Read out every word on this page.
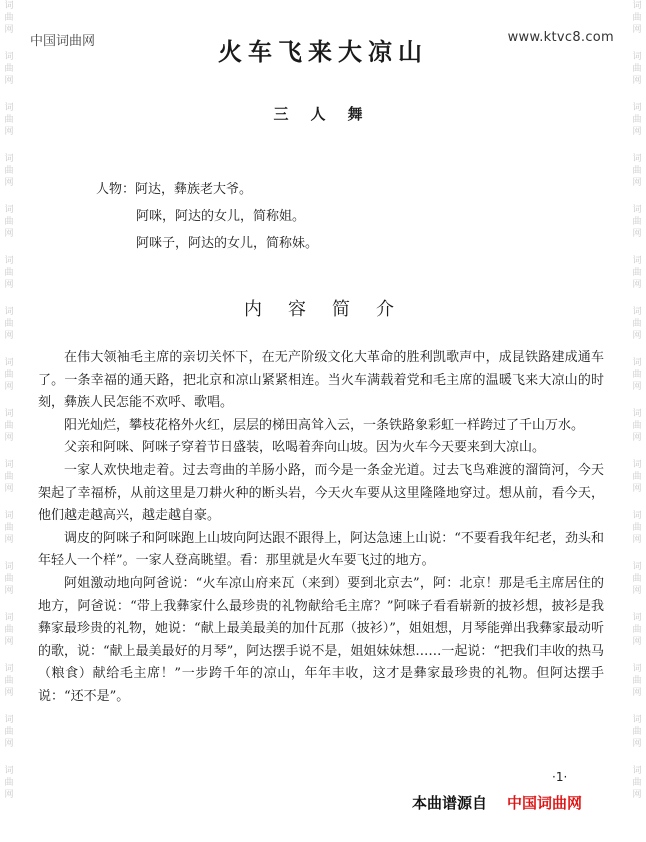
词
曲
网
词
曲
网
词
曲
网
词
曲
网
词
曲
网
词
曲
网
词
曲
网
词
曲
网
词
曲
网
词
曲
网
词
曲
网
词
曲
网
词
曲
网
词
曲
网
词
曲
网
词
曲
网
词
曲
网
词
曲
网
词
曲
网
词
曲
网
词
曲
网
词
曲
网
词
曲
网
词
曲
网
词
曲
网
词
曲
网
词
曲
网
词
曲
网
词
曲
网
词
曲
网
词
曲
网
词
曲
网
中国词曲网	www.ktvc8.com
火车飞来大凉山
三人舞
人物：阿达，彝族老大爷。
阿咪，阿达的女儿，简称姐。
阿咪子，阿达的女儿，简称妹。
内容简介

在伟大领袖毛主席的亲切关怀下，在无产阶级文化大革命的胜利凯歌声中，成昆铁路建成通车了。一条幸福的通天路，把北京和凉山紧紧相连。当火车满载着党和毛主席的温暖飞来大凉山的时刻，彝族人民怎能不欢呼、歌唱。

阳光灿烂，攀枝花格外火红，层层的梯田高耸入云，一条铁路象彩虹一样跨过了千山万水。

父亲和阿咪、阿咪子穿着节日盛装，吆喝着奔向山坡。因为火车今天要来到大凉山。

一家人欢快地走着。过去弯曲的羊肠小路，而今是一条金光道。过去飞鸟难渡的溜筒河，今天架起了幸福桥，从前这里是刀耕火种的断头岩，今天火车要从这里隆隆地穿过。想从前，看今天，他们越走越高兴，越走越自豪。

调皮的阿咪子和阿咪跑上山坡向阿达跟不跟得上，阿达急速上山说：“不要看我年纪老，劲头和年轻人一个样”。一家人登高眺望。看：那里就是火车要飞过的地方。

阿姐激动地向阿爸说：“火车凉山府来瓦（来到）要到北京去”，阿：北京！那是毛主席居住的地方，阿爸说：“带上我彝家什么最珍贵的礼物献给毛主席？”阿咪子看看崭新的披衫想，披衫是我彝家最珍贵的礼物，她说：“献上最美最美的加什瓦那（披衫）”，姐姐想，月琴能弹出我彝家最动听的歌，说：“献上最美最好的月琴”，阿达摆手说不是，姐姐妹妹想……一起说：“把我们丰收的热马（粮食）献给毛主席！”一步跨千年的凉山，年年丰收，这才是彝家最珍贵的礼物。但阿达摆手说：“还不是”。

·1·
本曲谱源自 中国词曲网
